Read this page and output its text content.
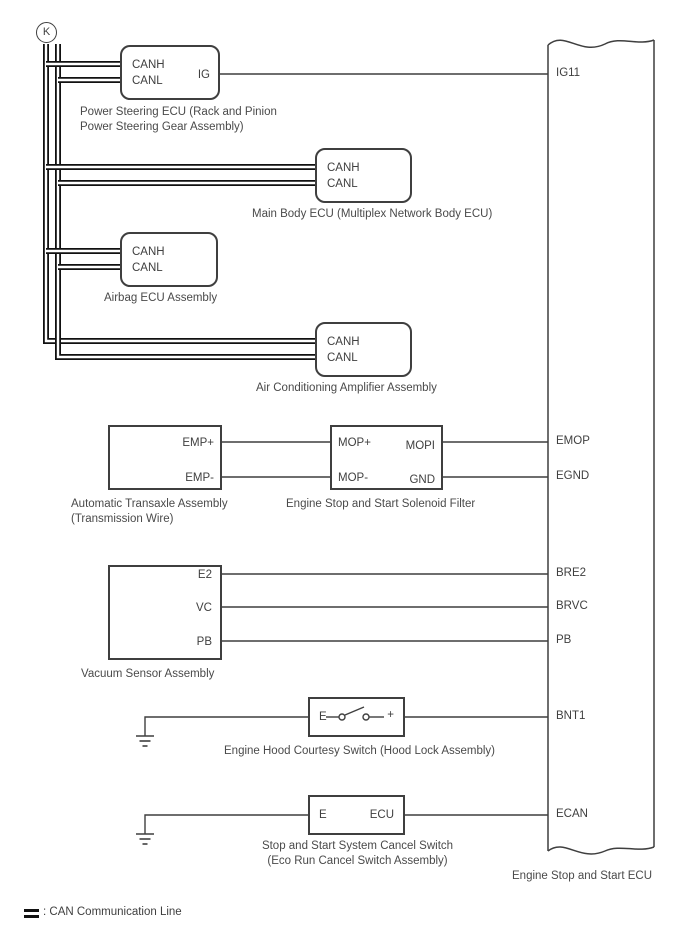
K
CANH
CANL	IG
Power Steering ECU (Rack and Pinion
Power Steering Gear Assembly)
CANH
CANL
Main Body ECU (Multiplex Network Body ECU)
CANH
CANL
Airbag ECU Assembly
CANH
CANL
Air Conditioning Amplifier Assembly
EMP+
EMP-
Automatic Transaxle Assembly
(Transmission Wire)
MOP+
MOP-
MOPI
GND
Engine Stop and Start Solenoid Filter
E2
VC
PB
Vacuum Sensor Assembly
E	+
Engine Hood Courtesy Switch (Hood Lock Assembly)
E	ECU
Stop and Start System Cancel Switch
(Eco Run Cancel Switch Assembly)
IG11
EMOP
EGND
BRE2
BRVC
PB
BNT1
ECAN
Engine Stop and Start ECU
: CAN Communication Line
